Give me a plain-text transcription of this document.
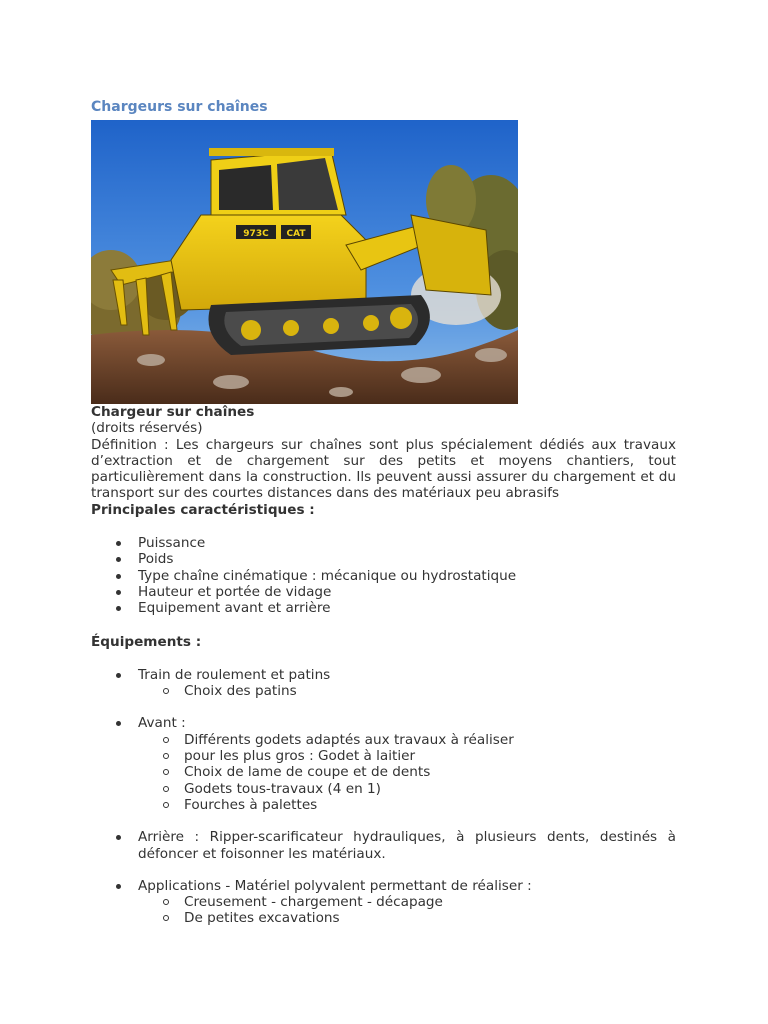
Chargeurs sur chaînes
973C CAT

Chargeur sur chaînes

(droits réservés)

Définition : Les chargeurs sur chaînes sont plus spécialement dédiés aux travaux d’extraction et de chargement sur des petits et moyens chantiers, tout particulièrement dans la construction. Ils peuvent aussi assurer du chargement et du transport sur des courtes distances dans des matériaux peu abrasifs

Principales caractéristiques :

Puissance
Poids
Type chaîne cinématique : mécanique ou hydrostatique
Hauteur et portée de vidage
Equipement avant et arrière

Équipements :

Train de roulement et patins
Choix des patins
Avant :
Différents godets adaptés aux travaux à réaliser
pour les plus gros : Godet à laitier
Choix de lame de coupe et de dents
Godets tous-travaux (4 en 1)
Fourches à palettes
Arrière : Ripper-scarificateur hydrauliques, à plusieurs dents, destinés à défoncer et foisonner les matériaux.
Applications - Matériel polyvalent permettant de réaliser :
Creusement - chargement - décapage
De petites excavations
